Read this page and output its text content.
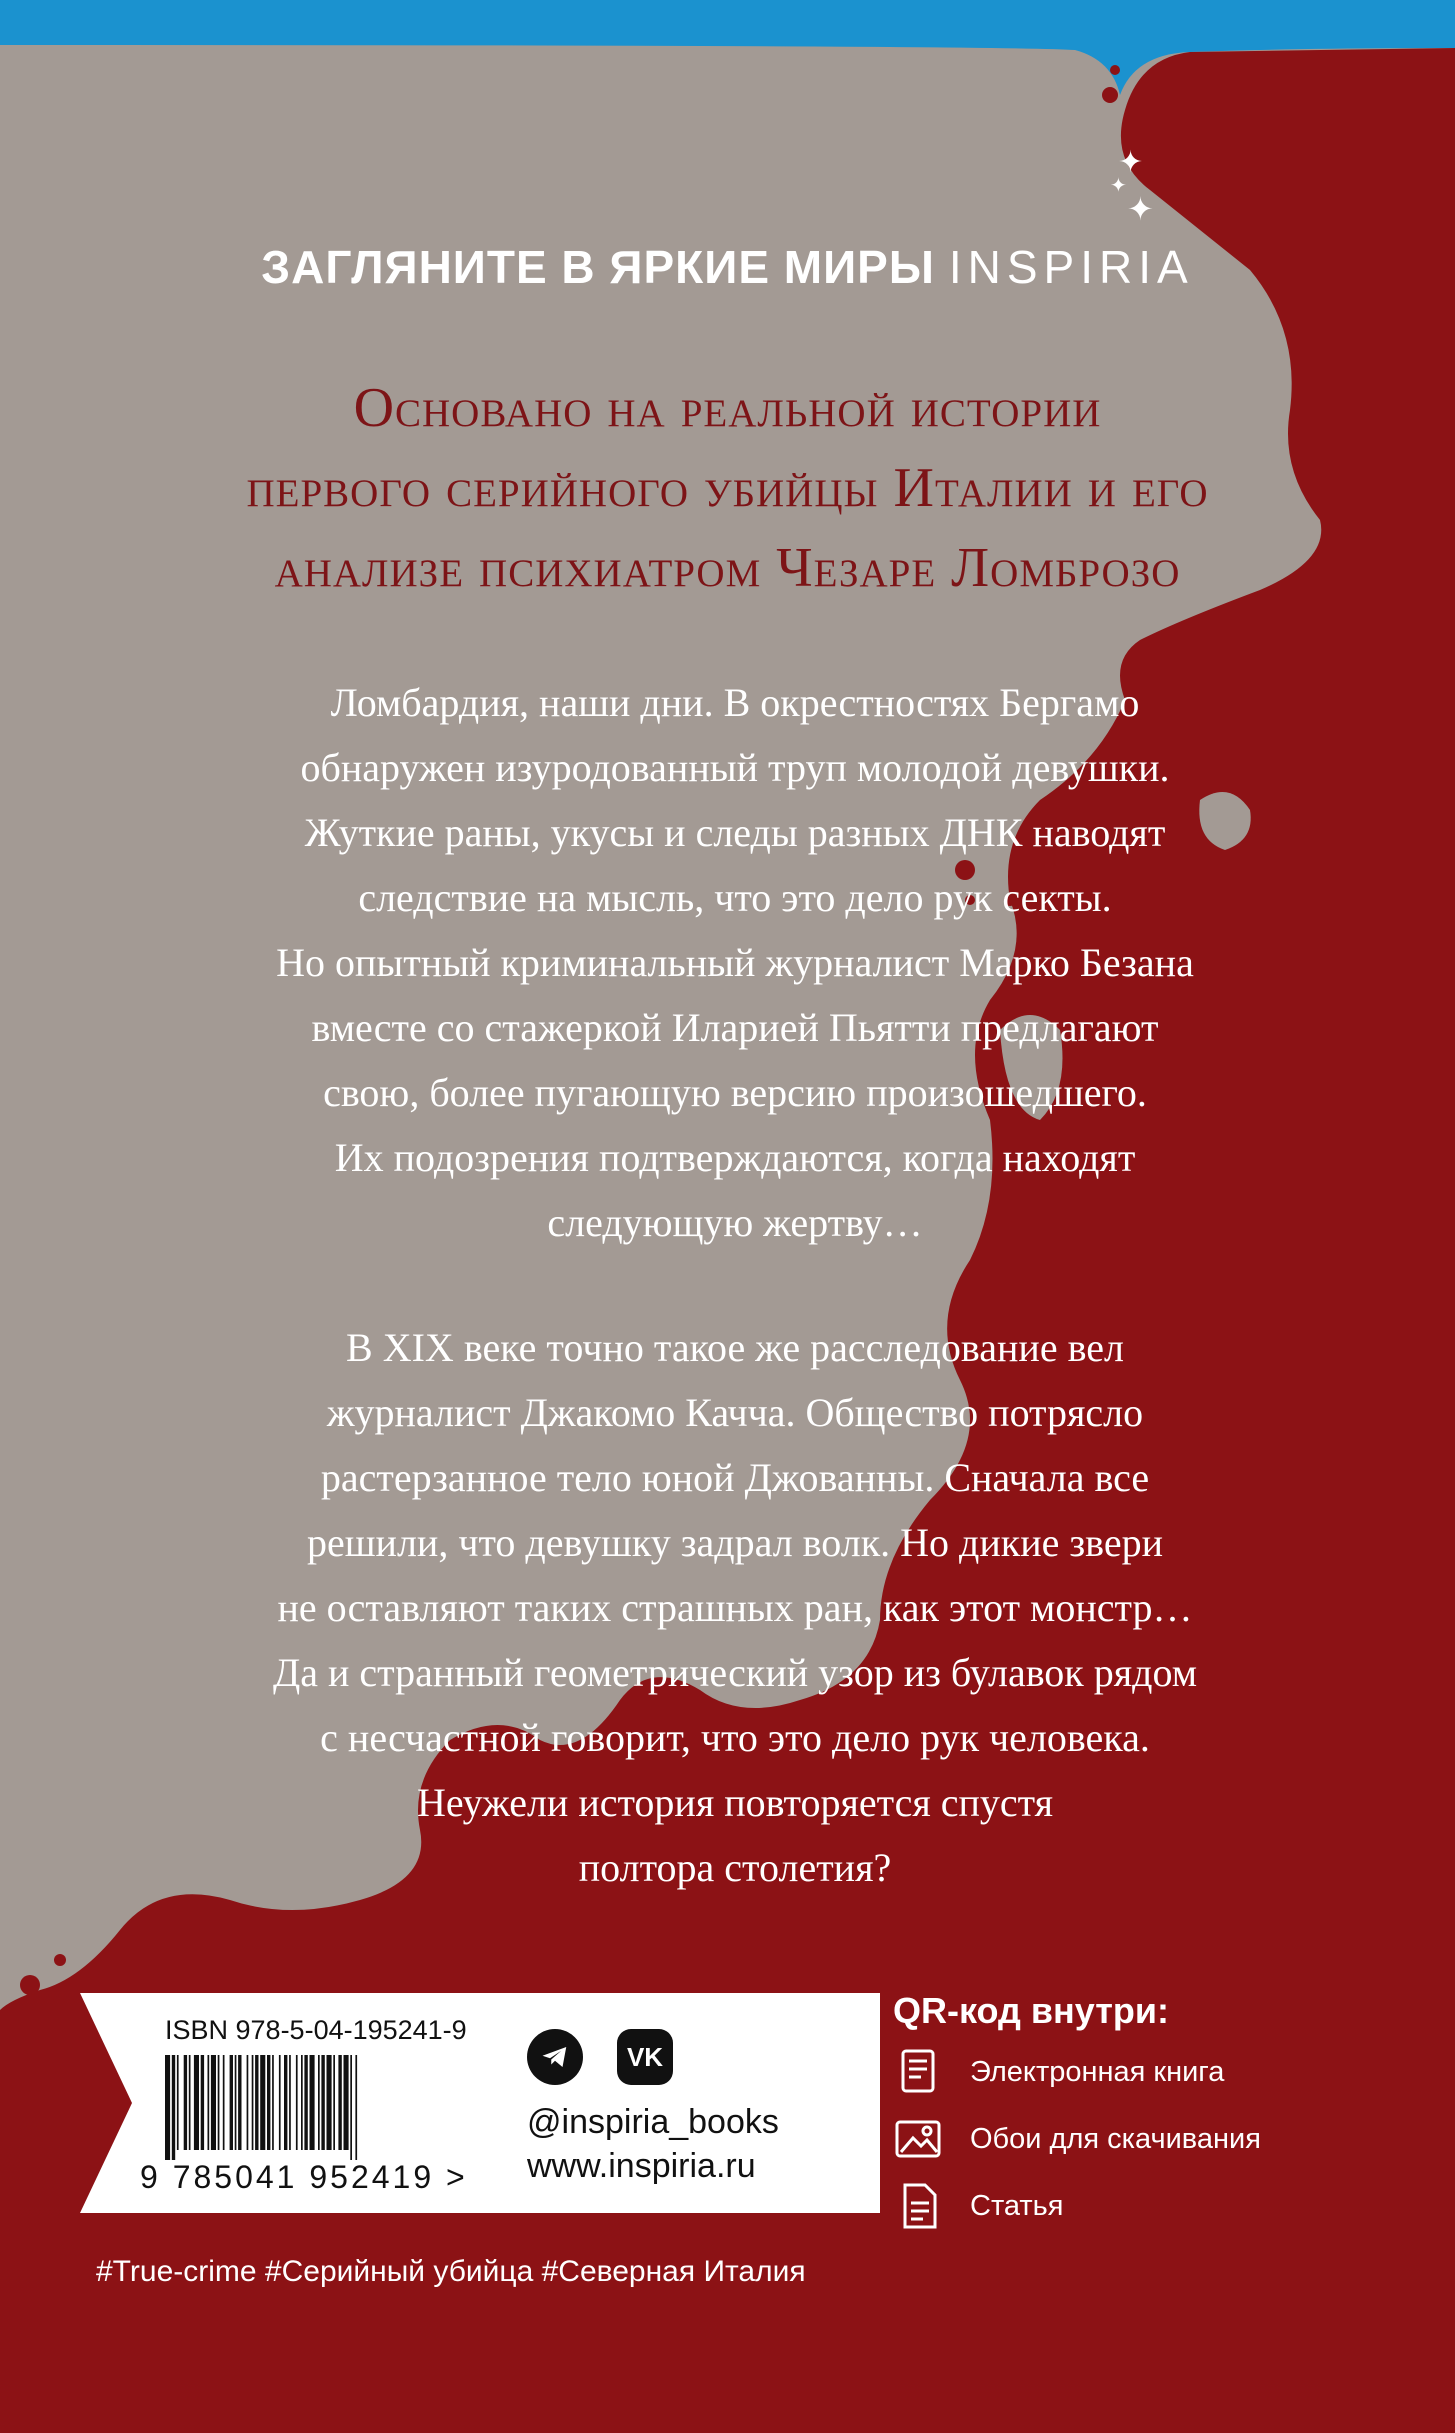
✦
✦
✦
ЗАГЛЯНИТЕ В ЯРКИЕ МИРЫ INSPIRIA
Основано на реальной истории
первого серийного убийцы Италии и его
анализе психиатром Чезаре Ломброзо
Ломбардия, наши дни. В окрестностях Бергамо
обнаружен изуродованный труп молодой девушки.
Жуткие раны, укусы и следы разных ДНК наводят
следствие на мысль, что это дело рук секты.
Но опытный криминальный журналист Марко Безана
вместе со стажеркой Иларией Пьятти предлагают
свою, более пугающую версию произошедшего.
Их подозрения подтверждаются, когда находят
следующую жертву…
В XIX веке точно такое же расследование вел
журналист Джакомо Качча. Общество потрясло
растерзанное тело юной Джованны. Сначала все
решили, что девушку задрал волк. Но дикие звери
не оставляют таких страшных ран, как этот монстр…
Да и странный геометрический узор из булавок рядом
с несчастной говорит, что это дело рук человека.
Неужели история повторяется спустя
полтора столетия?
ISBN 978-5-04-195241-9
9 785041 952419 >
VK
@inspiria_books
www.inspiria.ru
QR-код внутри:
Электронная книга
Обои для скачивания
Статья
#True-crime #Серийный убийца #Северная Италия
